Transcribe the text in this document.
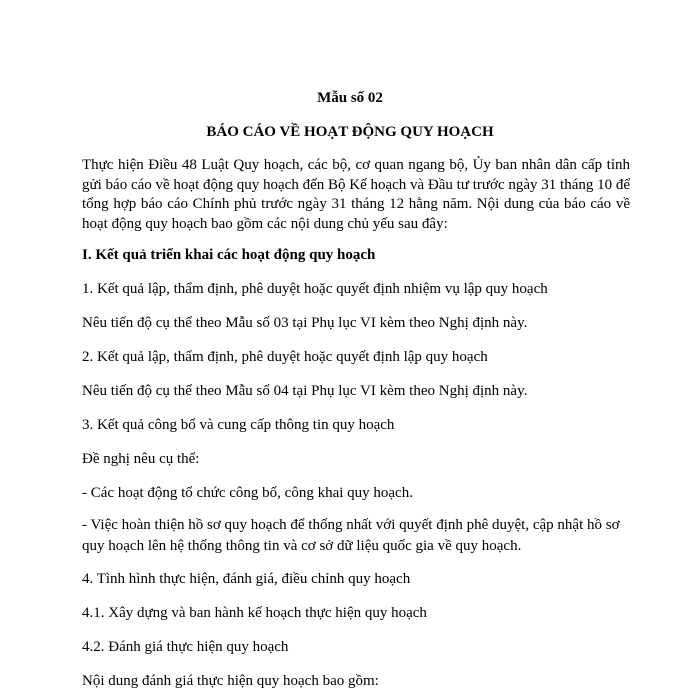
Mẫu số 02

BÁO CÁO VỀ HOẠT ĐỘNG QUY HOẠCH

Thực hiện Điều 48 Luật Quy hoạch, các bộ, cơ quan ngang bộ, Ủy ban nhân dân cấp tỉnh gửi báo cáo về hoạt động quy hoạch đến Bộ Kế hoạch và Đầu tư trước ngày 31 tháng 10 để tổng hợp báo cáo Chính phủ trước ngày 31 tháng 12 hằng năm. Nội dung của báo cáo về hoạt động quy hoạch bao gồm các nội dung chủ yếu sau đây:

I. Kết quả triển khai các hoạt động quy hoạch

1. Kết quả lập, thẩm định, phê duyệt hoặc quyết định nhiệm vụ lập quy hoạch

Nêu tiến độ cụ thể theo Mẫu số 03 tại Phụ lục VI kèm theo Nghị định này.

2. Kết quả lập, thẩm định, phê duyệt hoặc quyết định lập quy hoạch

Nêu tiến độ cụ thể theo Mẫu số 04 tại Phụ lục VI kèm theo Nghị định này.

3. Kết quả công bố và cung cấp thông tin quy hoạch

Đề nghị nêu cụ thể:

- Các hoạt động tổ chức công bố, công khai quy hoạch.

- Việc hoàn thiện hồ sơ quy hoạch để thống nhất với quyết định phê duyệt, cập nhật hồ sơ quy hoạch lên hệ thống thông tin và cơ sở dữ liệu quốc gia về quy hoạch.

4. Tình hình thực hiện, đánh giá, điều chỉnh quy hoạch

4.1. Xây dựng và ban hành kế hoạch thực hiện quy hoạch

4.2. Đánh giá thực hiện quy hoạch

Nội dung đánh giá thực hiện quy hoạch bao gồm:
